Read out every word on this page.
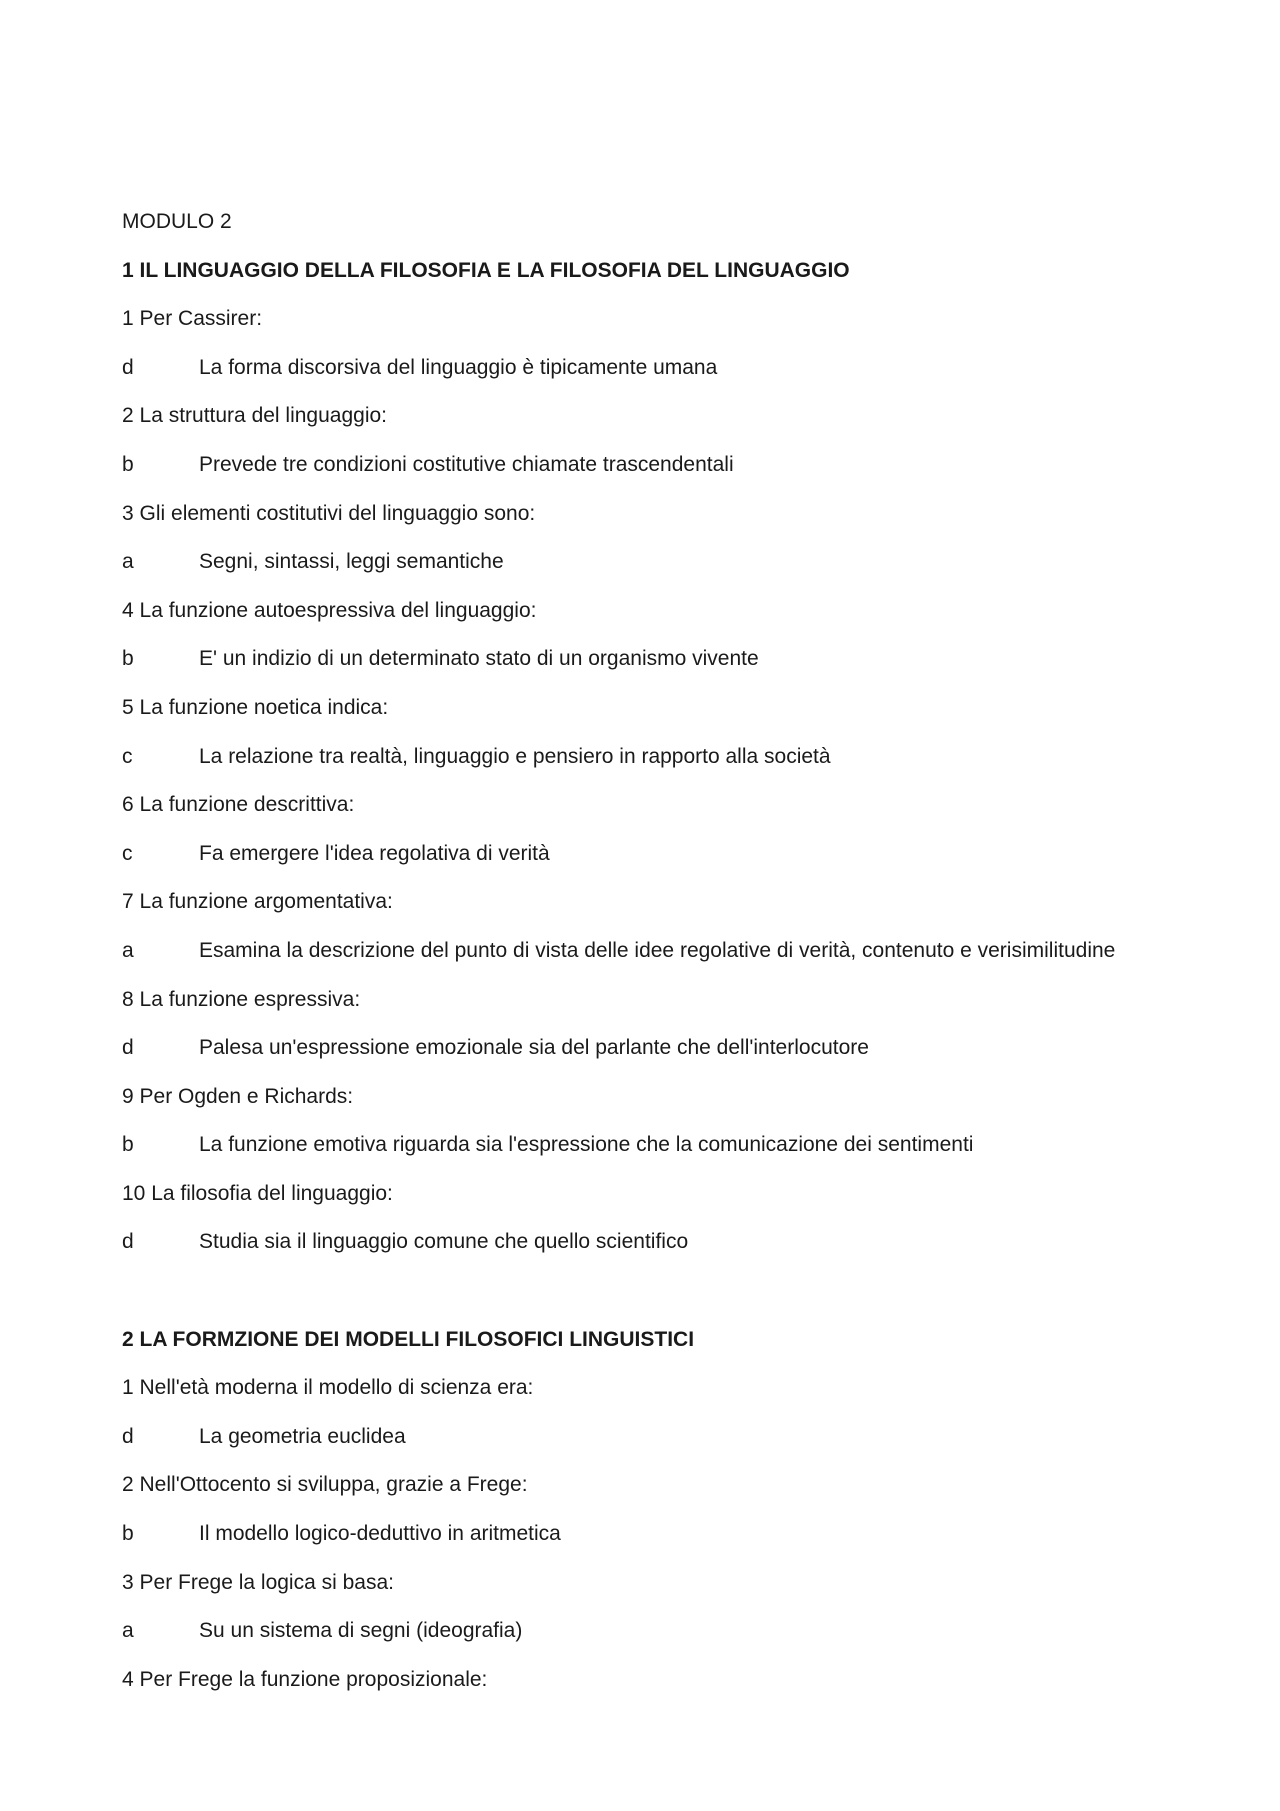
MODULO 2
1 IL LINGUAGGIO DELLA FILOSOFIA E LA FILOSOFIA DEL LINGUAGGIO
1 Per Cassirer:
d	La forma discorsiva del linguaggio è tipicamente umana
2 La struttura del linguaggio:
b	Prevede tre condizioni costitutive chiamate trascendentali
3 Gli elementi costitutivi del linguaggio sono:
a	Segni, sintassi, leggi semantiche
4 La funzione autoespressiva del linguaggio:
b	E' un indizio di un determinato stato di un organismo vivente
5 La funzione noetica indica:
c	La relazione tra realtà, linguaggio e pensiero in rapporto alla società
6 La funzione descrittiva:
c	Fa emergere l'idea regolativa di verità
7 La funzione argomentativa:
a	Esamina la descrizione del punto di vista delle idee regolative di verità, contenuto e verisimilitudine
8 La funzione espressiva:
d	Palesa un'espressione emozionale sia del parlante che dell'interlocutore
9 Per Ogden e Richards:
b	La funzione emotiva riguarda sia l'espressione che la comunicazione dei sentimenti
10 La filosofia del linguaggio:
d	Studia sia il linguaggio comune che quello scientifico
2 LA FORMZIONE DEI MODELLI FILOSOFICI LINGUISTICI
1 Nell'età moderna il modello di scienza era:
d	La geometria euclidea
2 Nell'Ottocento si sviluppa, grazie a Frege:
b	Il modello logico-deduttivo in aritmetica
3 Per Frege la logica si basa:
a	Su un sistema di segni (ideografia)
4 Per Frege la funzione proposizionale:
